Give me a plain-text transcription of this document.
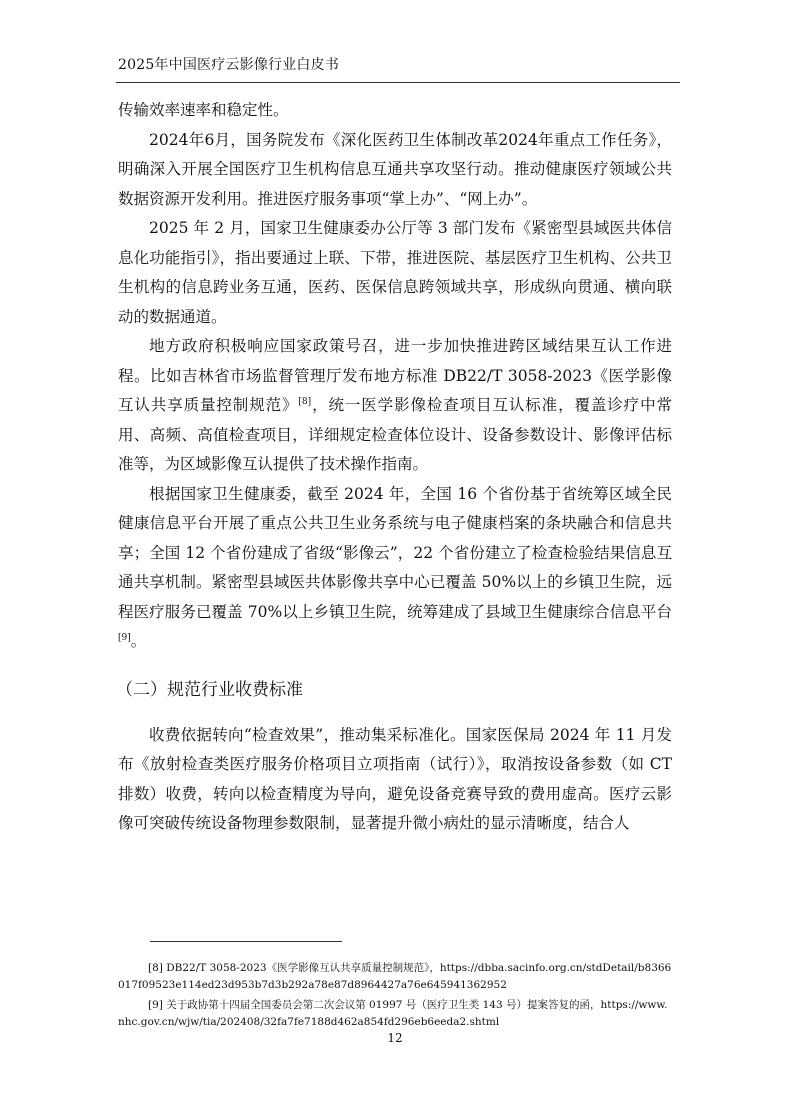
2025年中国医疗云影像行业白皮书

传输效率速率和稳定性。

2024年6月，国务院发布《深化医药卫生体制改革2024年重点工作任务》，明确深入开展全国医疗卫生机构信息互通共享攻坚行动。推动健康医疗领域公共数据资源开发利用。推进医疗服务事项“掌上办”、“网上办”。

2025 年 2 月，国家卫生健康委办公厅等 3 部门发布《紧密型县域医共体信息化功能指引》，指出要通过上联、下带，推进医院、基层医疗卫生机构、公共卫生机构的信息跨业务互通，医药、医保信息跨领域共享，形成纵向贯通、横向联动的数据通道。

地方政府积极响应国家政策号召，进一步加快推进跨区域结果互认工作进程。比如吉林省市场监督管理厅发布地方标准 DB22/T 3058-2023《医学影像互认共享质量控制规范》[8]，统一医学影像检查项目互认标准，覆盖诊疗中常用、高频、高值检查项目，详细规定检查体位设计、设备参数设计、影像评估标准等，为区域影像互认提供了技术操作指南。

根据国家卫生健康委，截至 2024 年，全国 16 个省份基于省统筹区域全民健康信息平台开展了重点公共卫生业务系统与电子健康档案的条块融合和信息共享；全国 12 个省份建成了省级“影像云”，22 个省份建立了检查检验结果信息互通共享机制。紧密型县域医共体影像共享中心已覆盖 50%以上的乡镇卫生院，远程医疗服务已覆盖 70%以上乡镇卫生院，统筹建成了县域卫生健康综合信息平台[9]。

（二）规范行业收费标准

收费依据转向“检查效果”，推动集采标准化。国家医保局 2024 年 11 月发布《放射检查类医疗服务价格项目立项指南（试行）》，取消按设备参数（如 CT 排数）收费，转向以检查精度为导向，避免设备竞赛导致的费用虚高。医疗云影像可突破传统设备物理参数限制，显著提升微小病灶的显示清晰度，结合人

[8] DB22/T 3058-2023《医学影像互认共享质量控制规范》，https://dbba.sacinfo.org.cn/stdDetail/b8366017f09523e114ed23d953b7d3b292a78e87d8964427a76e645941362952

[9] 关于政协第十四届全国委员会第二次会议第 01997 号（医疗卫生类 143 号）提案答复的函，https://www.nhc.gov.cn/wjw/tia/202408/32fa7fe7188d462a854fd296eb6eeda2.shtml

12
